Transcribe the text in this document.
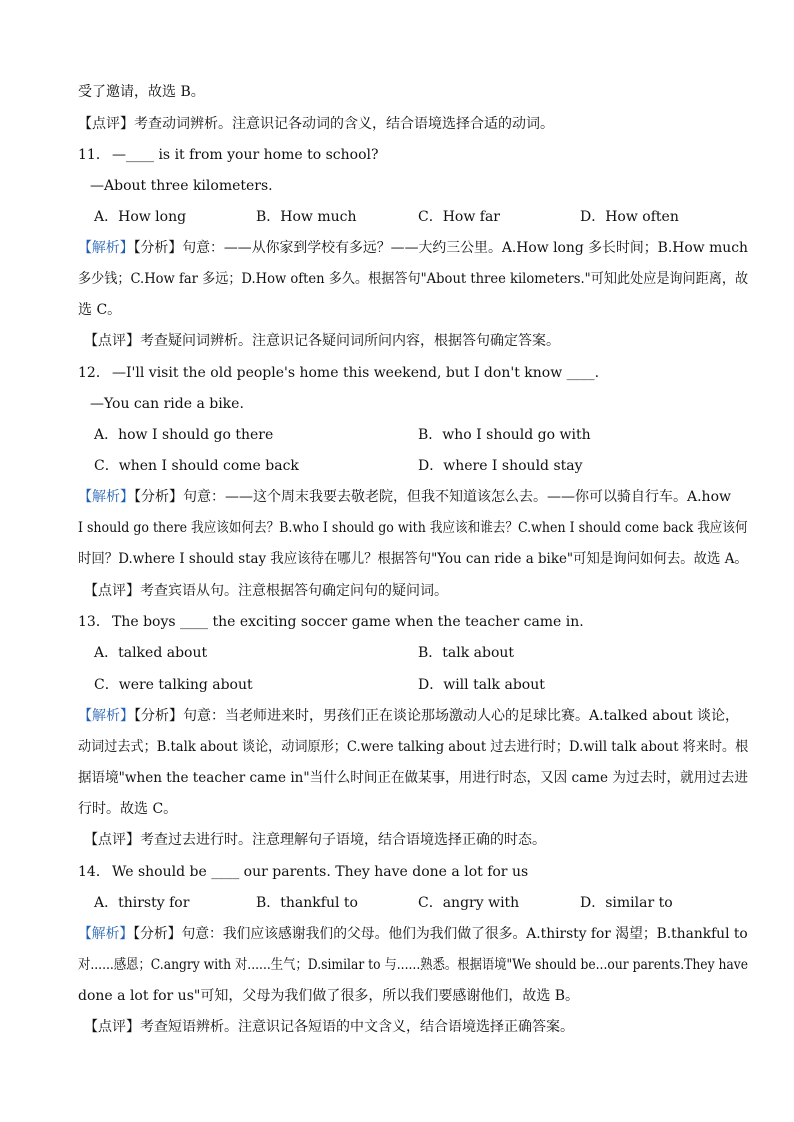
受了邀请，故选 B。
【点评】考查动词辨析。注意识记各动词的含义，结合语境选择合适的动词。
11． —____ is it from your home to school?
—About three kilometers.
A．How long	B．How much	C．How far	D．How often
【解析】【分析】句意：——从你家到学校有多远？——大约三公里。A.How long 多长时间；B.How much
多少钱；C.How far 多远；D.How often 多久。根据答句"About three kilometers."可知此处应是询问距离，故
选 C。
【点评】考查疑问词辨析。注意识记各疑问词所问内容，根据答句确定答案。
12． —I'll visit the old people's home this weekend, but I don't know ____.
—You can ride a bike.
A．how I should go there	B．who I should go with
C．when I should come back	D．where I should stay
【解析】【分析】句意：——这个周末我要去敬老院，但我不知道该怎么去。——你可以骑自行车。A.how
I should go there 我应该如何去？B.who I should go with 我应该和谁去？C.when I should come back 我应该何
时回？D.where I should stay 我应该待在哪儿？根据答句"You can ride a bike"可知是询问如何去。故选 A。
【点评】考查宾语从句。注意根据答句确定问句的疑问词。
13． The boys ____ the exciting soccer game when the teacher came in.
A．talked about	B．talk about
C．were talking about	D．will talk about
【解析】【分析】句意：当老师进来时，男孩们正在谈论那场激动人心的足球比赛。A.talked about 谈论，
动词过去式；B.talk about 谈论，动词原形；C.were talking about 过去进行时；D.will talk about 将来时。根
据语境"when the teacher came in"当什么时间正在做某事，用进行时态，又因 came 为过去时，就用过去进
行时。故选 C。
【点评】考查过去进行时。注意理解句子语境，结合语境选择正确的时态。
14． We should be ____ our parents. They have done a lot for us
A．thirsty for	B．thankful to	C．angry with	D．similar to
【解析】【分析】句意：我们应该感谢我们的父母。他们为我们做了很多。A.thirsty for 渴望；B.thankful to
对......感恩；C.angry with 对......生气；D.similar to 与......熟悉。根据语境"We should be...our parents.They have
done a lot for us"可知，父母为我们做了很多，所以我们要感谢他们，故选 B。
【点评】考查短语辨析。注意识记各短语的中文含义，结合语境选择正确答案。
